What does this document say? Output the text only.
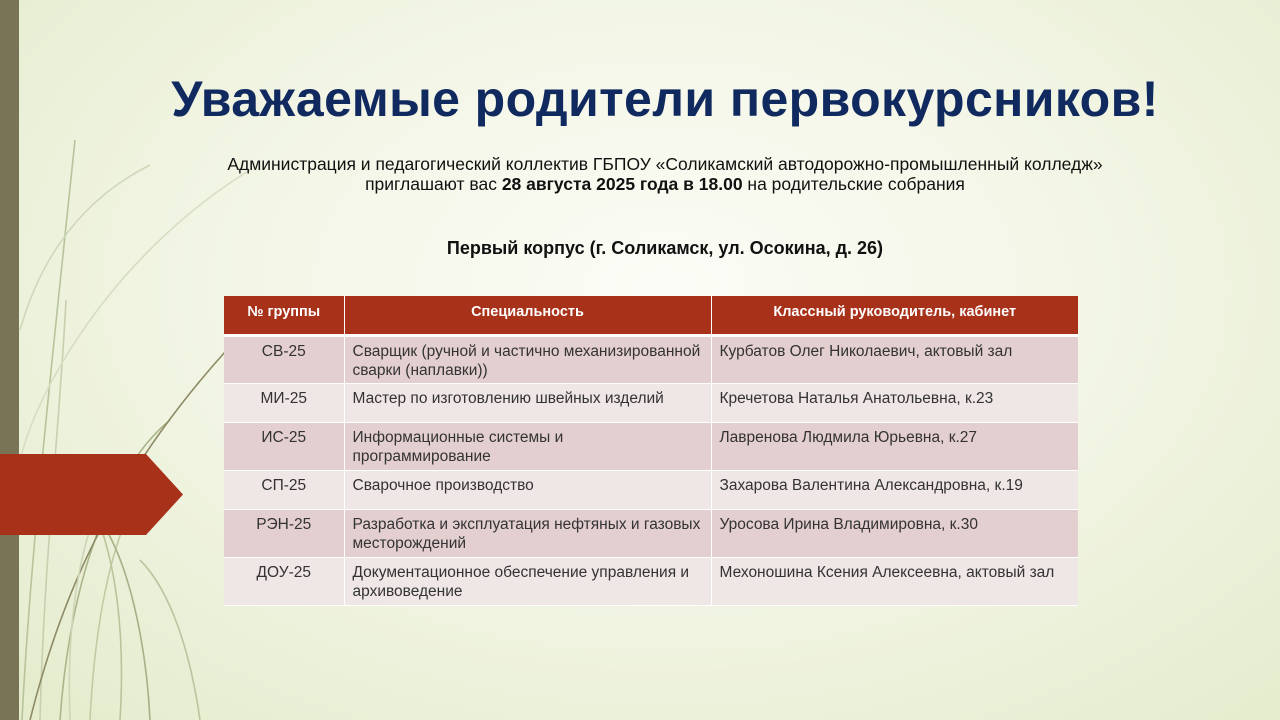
Уважаемые родители первокурсников!

Администрация и педагогический коллектив ГБПОУ «Соликамский автодорожно-промышленный колледж» приглашают вас 28 августа 2025 года в 18.00 на родительские собрания

Первый корпус (г. Соликамск, ул. Осокина, д. 26)

№ группы	Специальность	Классный руководитель, кабинет
СВ-25	Сварщик (ручной и частично механизированной сварки (наплавки))	Курбатов Олег Николаевич, актовый зал
МИ-25	Мастер по изготовлению швейных изделий	Кречетова Наталья Анатольевна, к.23
ИС-25	Информационные системы и программирование	Лавренова Людмила Юрьевна, к.27
СП-25	Сварочное производство	Захарова Валентина Александровна, к.19
РЭН-25	Разработка и эксплуатация нефтяных и газовых месторождений	Уросова Ирина Владимировна, к.30
ДОУ-25	Документационное обеспечение управления и архивоведение	Мехоношина Ксения Алексеевна, актовый зал
